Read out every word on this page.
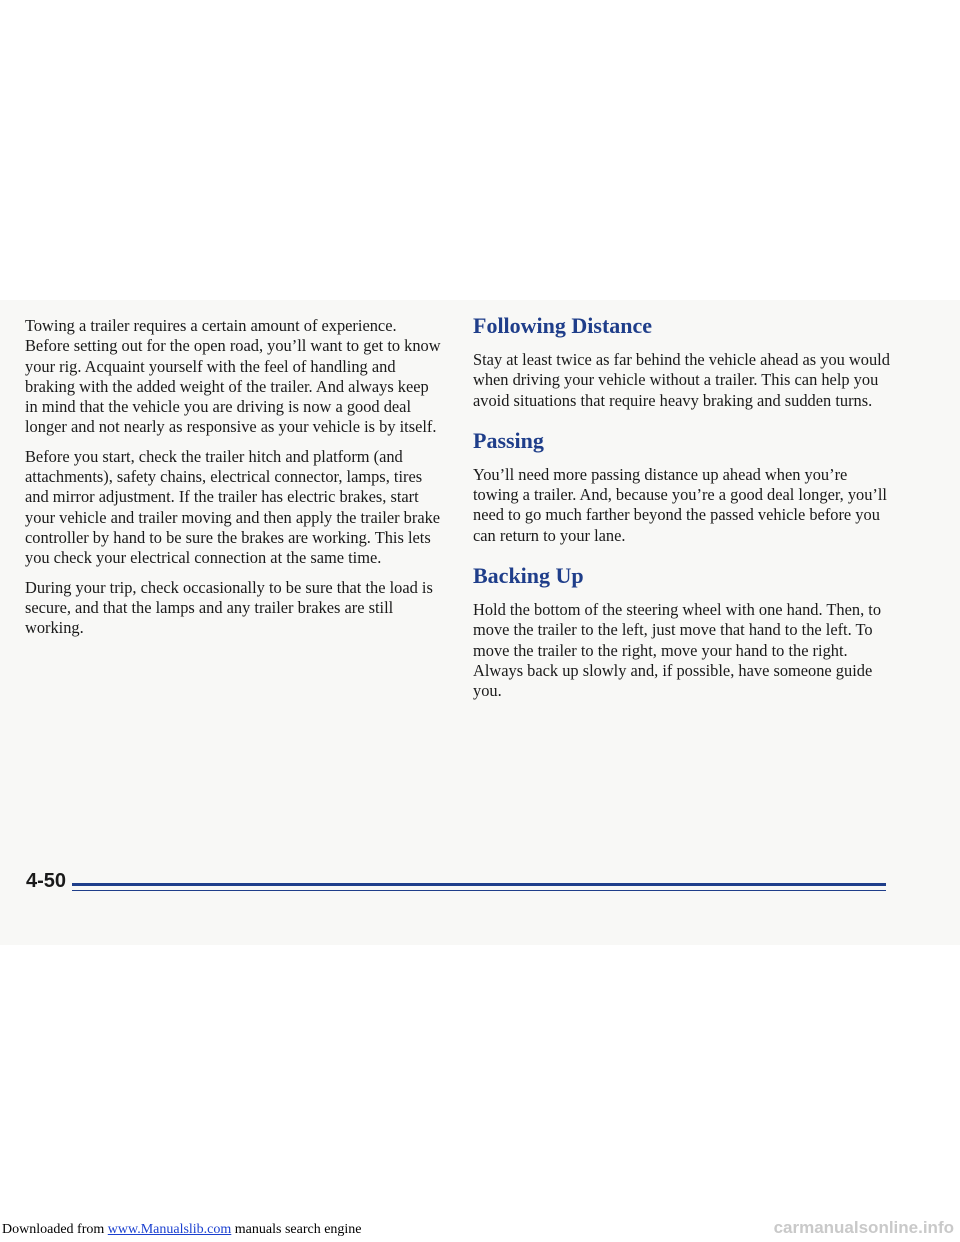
Towing a trailer requires a certain amount of experience. Before setting out for the open road, you’ll want to get to know your rig. Acquaint yourself with the feel of handling and braking with the added weight of the trailer. And always keep in mind that the vehicle you are driving is now a good deal longer and not nearly as responsive as your vehicle is by itself.

Before you start, check the trailer hitch and platform (and attachments), safety chains, electrical connector, lamps, tires and mirror adjustment. If the trailer has electric brakes, start your vehicle and trailer moving and then apply the trailer brake controller by hand to be sure the brakes are working. This lets you check your electrical connection at the same time.

During your trip, check occasionally to be sure that the load is secure, and that the lamps and any trailer brakes are still working.

Following Distance

Stay at least twice as far behind the vehicle ahead as you would when driving your vehicle without a trailer. This can help you avoid situations that require heavy braking and sudden turns.

Passing

You’ll need more passing distance up ahead when you’re towing a trailer. And, because you’re a good deal longer, you’ll need to go much farther beyond the passed vehicle before you can return to your lane.

Backing Up

Hold the bottom of the steering wheel with one hand. Then, to move the trailer to the left, just move that hand to the left. To move the trailer to the right, move your hand to the right. Always back up slowly and, if possible, have someone guide you.

4-50
Downloaded from www.Manualslib.com manuals search engine	carmanualsonline.info
